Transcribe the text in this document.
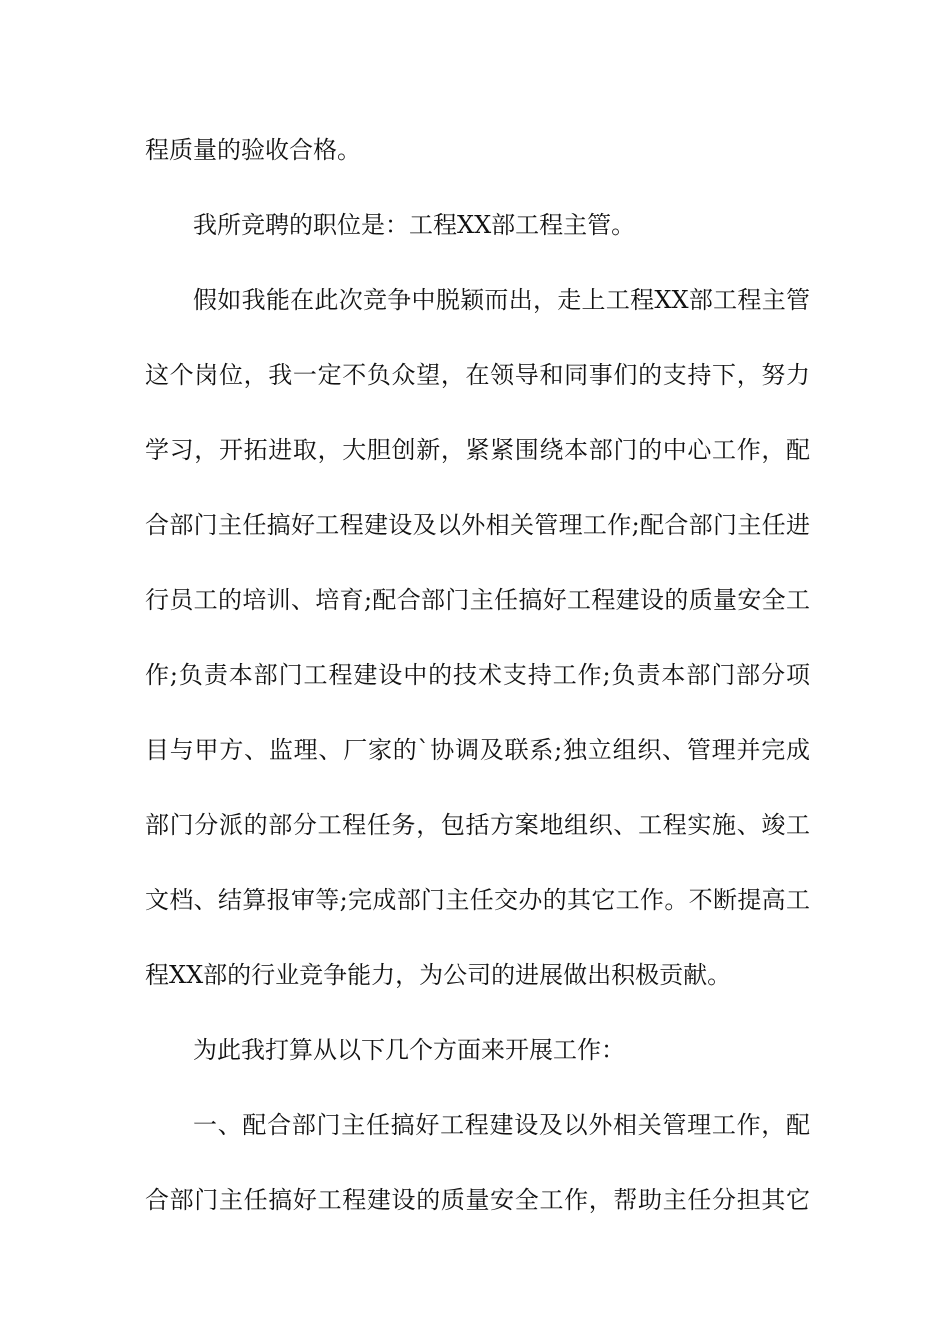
程质量的验收合格。
我所竞聘的职位是：工程XX部工程主管。
假如我能在此次竞争中脱颖而出，走上工程XX部工程主管
这个岗位，我一定不负众望，在领导和同事们的支持下，努力
学习，开拓进取，大胆创新，紧紧围绕本部门的中心工作，配
合部门主任搞好工程建设及以外相关管理工作;配合部门主任进
行员工的培训、培育;配合部门主任搞好工程建设的质量安全工
作;负责本部门工程建设中的技术支持工作;负责本部门部分项
目与甲方、监理、厂家的`协调及联系;独立组织、管理并完成
部门分派的部分工程任务，包括方案地组织、工程实施、竣工
文档、结算报审等;完成部门主任交办的其它工作。不断提高工
程XX部的行业竞争能力，为公司的进展做出积极贡献。
为此我打算从以下几个方面来开展工作：
一、配合部门主任搞好工程建设及以外相关管理工作，配
合部门主任搞好工程建设的质量安全工作，帮助主任分担其它
